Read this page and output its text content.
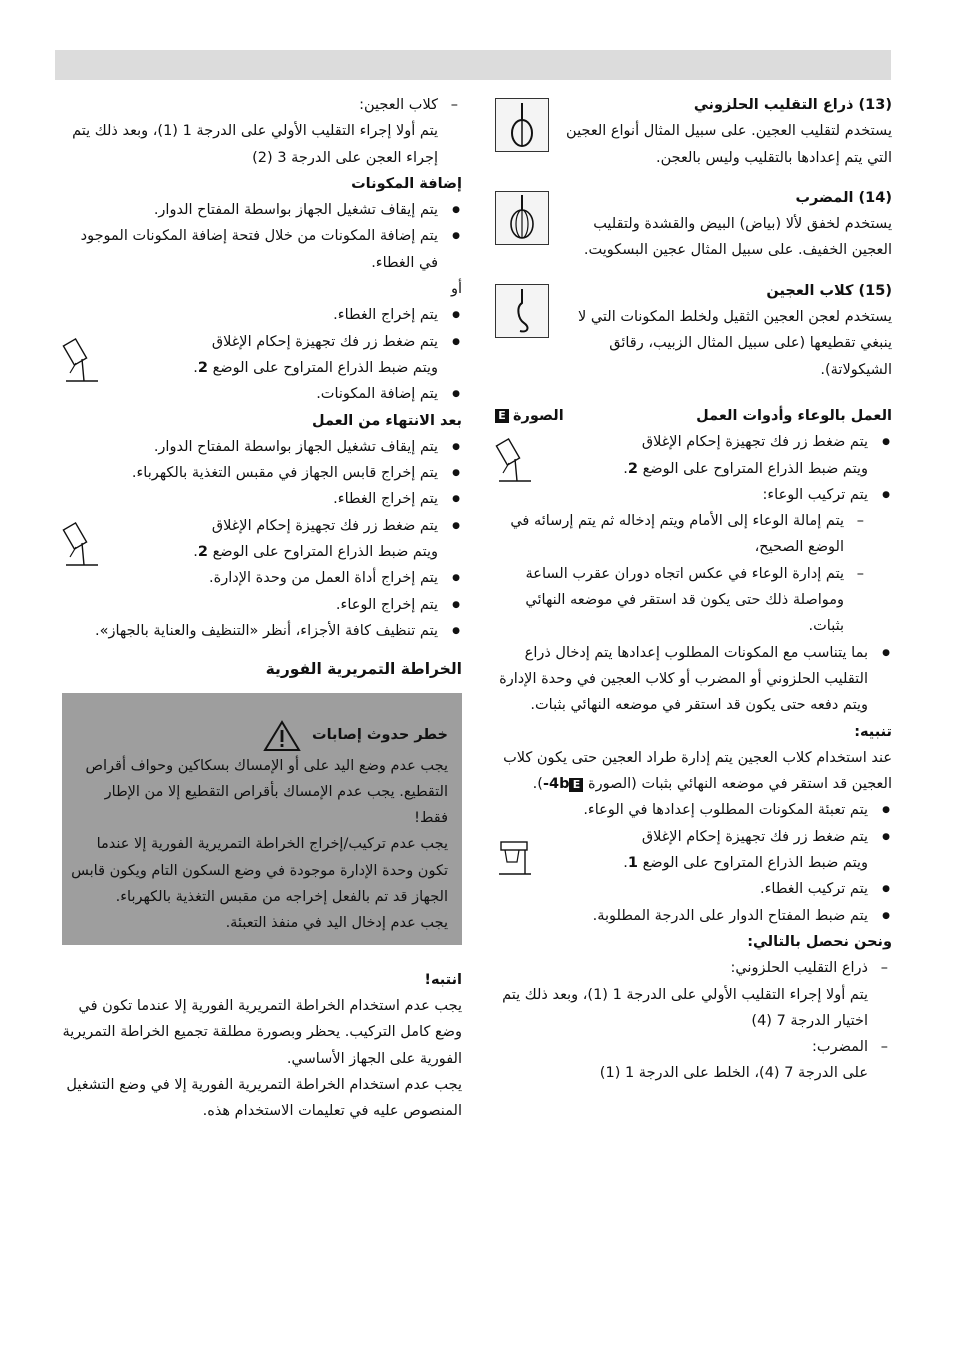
(13) ذراع التقليب الحلزوني

يستخدم لتقليب العجين. على سبيل المثال أنواع العجين التي يتم إعدادها بالتقليب وليس بالعجن.

(14) المضرب

يستخدم لخفق لألا (بياض) البيض والقشدة ولتقليب العجين الخفيف. على سبيل المثال عجين البسكويت.

(15) كلاب العجين

يستخدم لعجن العجين الثقيل ولخلط المكونات التي لا ينبغي تقطيعها (على سبيل المثال الزبيب، رقائق الشيكولاتة).

العمل بالوعاء وأدوات العمل
الصورة
E

● يتم ضغط زر فك تجهيزة إحكام الإغلاق
ويتم ضبط الذراع المتراوح على الوضع 2.

● يتم تركيب الوعاء:

– يتم إمالة الوعاء إلى الأمام ويتم إدخاله ثم يتم إرسائه في الوضع الصحيح،

– يتم إدارة الوعاء في عكس اتجاه دوران عقرب الساعة ومواصلة ذلك حتى يكون قد استقر في موضعه النهائي بثبات.

● بما يتناسب مع المكونات المطلوب إعدادها يتم إدخال ذراع التقليب الحلزوني أو المضرب أو كلاب العجين في وحدة الإدارة ويتم دفعه حتى يكون قد استقر في موضعه النهائي بثبات.

تنبيه:

عند استخدام كلاب العجين يتم إدارة طراد العجين حتى يكون كلاب العجين قد استقر في موضعه النهائي بثبات (الصورة E4b-).

● يتم تعبئة المكونات المطلوب إعدادها في الوعاء.

● يتم ضغط زر فك تجهيزة إحكام الإغلاق
ويتم ضبط الذراع المتراوح على الوضع 1.

● يتم تركيب الغطاء.

● يتم ضبط المفتاح الدوار على الدرجة المطلوبة.

ونحن نحصل بالتالي:

– ذراع التقليب الحلزوني:

يتم أولا إجراء التقليب الأولي على الدرجة 1 (1)، وبعد ذلك يتم اختيار الدرجة 7 (4)

– المضرب:

على الدرجة 7 (4)، الخلط على الدرجة 1 (1)

– كلاب العجين:

يتم أولا إجراء التقليب الأولي على الدرجة 1 (1)، وبعد ذلك يتم إجراء العجن على الدرجة 3 (2)

إضافة المكونات

● يتم إيقاف تشغيل الجهاز بواسطة المفتاح الدوار.

● يتم إضافة المكونات من خلال فتحة إضافة المكونات الموجود في الغطاء.

أو

● يتم إخراج الغطاء.

● يتم ضغط زر فك تجهيزة إحكام الإغلاق
ويتم ضبط الذراع المتراوح على الوضع 2.

● يتم إضافة المكونات.

بعد الانتهاء من العمل

● يتم إيقاف تشغيل الجهاز بواسطة المفتاح الدوار.

● يتم إخراج قابس الجهاز في مقبس التغذية بالكهرباء.

● يتم إخراج الغطاء.

● يتم ضغط زر فك تجهيزة إحكام الإغلاق
ويتم ضبط الذراع المتراوح على الوضع 2.

● يتم إخراج أداة العمل من وحدة الإدارة.

● يتم إخراج الوعاء.

● يتم تنظيف كافة الأجزاء، أنظر «التنظيف والعناية بالجهاز».

الخراطة التمريرية الفورية

خطر حدوث إصابات

يجب عدم وضع اليد على أو الإمساك بسكاكين وحواف أقراص التقطيع. يجب عدم الإمساك بأقراص التقطيع إلا من الإطار فقط!

يجب عدم تركيب/إخراج الخراطة التمريرية الفورية إلا عندما تكون وحدة الإدارة موجودة في وضع السكون التام ويكون قابس الجهاز قد تم بالفعل إخراجه من مقبس التغذية بالكهرباء.

يجب عدم إدخال اليد في منفذ التعبئة.

انتبه!

يجب عدم استخدام الخراطة التمريرية الفورية إلا عندما تكون في وضع كامل التركيب. يحظر وبصورة مطلقة تجميع الخراطة التمريرية الفورية على الجهاز الأساسي.

يجب عدم استخدام الخراطة التمريرية الفورية إلا في وضع التشغيل المنصوص عليه في تعليمات الاستخدام هذه.
